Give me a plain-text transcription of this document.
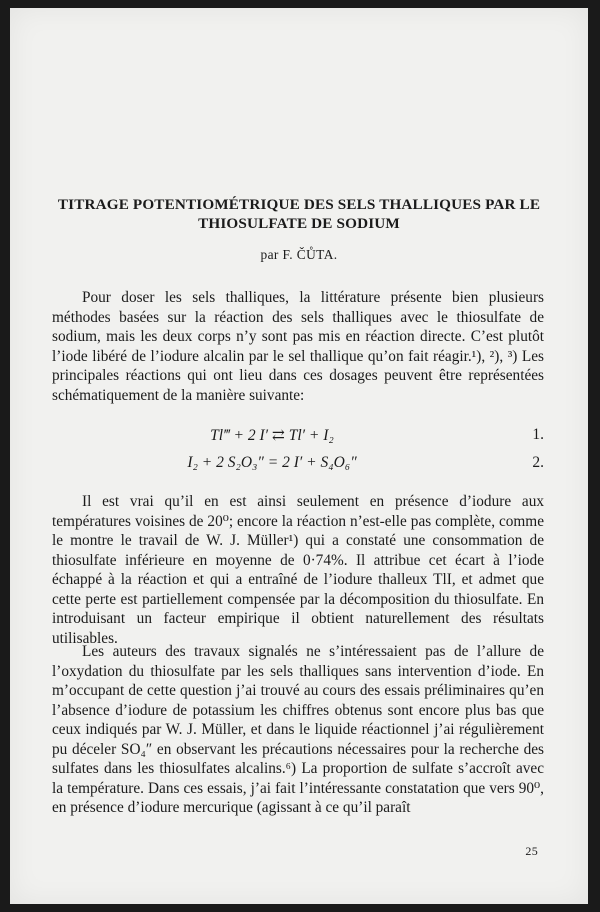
TITRAGE POTENTIOMÉTRIQUE DES SELS THALLIQUES PAR LE THIOSULFATE DE SODIUM
par F. ČŮTA.

Pour doser les sels thalliques, la littérature présente bien plusieurs méthodes basées sur la réaction des sels thalliques avec le thiosulfate de sodium, mais les deux corps n’y sont pas mis en réaction directe. C’est plutôt l’iode libéré de l’iodure alcalin par le sel thallique qu’on fait réagir.¹), ²), ³) Les principales réactions qui ont lieu dans ces dosages peuvent être représentées schématiquement de la manière suivante:

Tl‴ + 2 I′ ⇄ Tl′ + I₂	1.
I₂ + 2 S₂O₃″ = 2 I′ + S₄O₆″	2.

Il est vrai qu’il en est ainsi seulement en présence d’iodure aux températures voisines de 20⁰; encore la réaction n’est-elle pas complète, comme le montre le travail de W. J. Müller¹) qui a constaté une consommation de thiosulfate inférieure en moyenne de 0·74%. Il attribue cet écart à l’iode échappé à la réaction et qui a entraîné de l’iodure thalleux TlI, et admet que cette perte est partiellement compensée par la décomposition du thiosulfate. En introduisant un facteur empirique il obtient naturellement des résultats utilisables.

Les auteurs des travaux signalés ne s’intéressaient pas de l’allure de l’oxydation du thiosulfate par les sels thalliques sans intervention d’iode. En m’occupant de cette question j’ai trouvé au cours des essais préliminaires qu’en l’absence d’iodure de potassium les chiffres obtenus sont encore plus bas que ceux indiqués par W. J. Müller, et dans le liquide réactionnel j’ai régulièrement pu déceler SO₄″ en observant les précautions nécessaires pour la recherche des sulfates dans les thiosulfates alcalins.⁶) La proportion de sulfate s’accroît avec la température. Dans ces essais, j’ai fait l’intéressante constatation que vers 90⁰, en présence d’iodure mercurique (agissant à ce qu’il paraît

25
